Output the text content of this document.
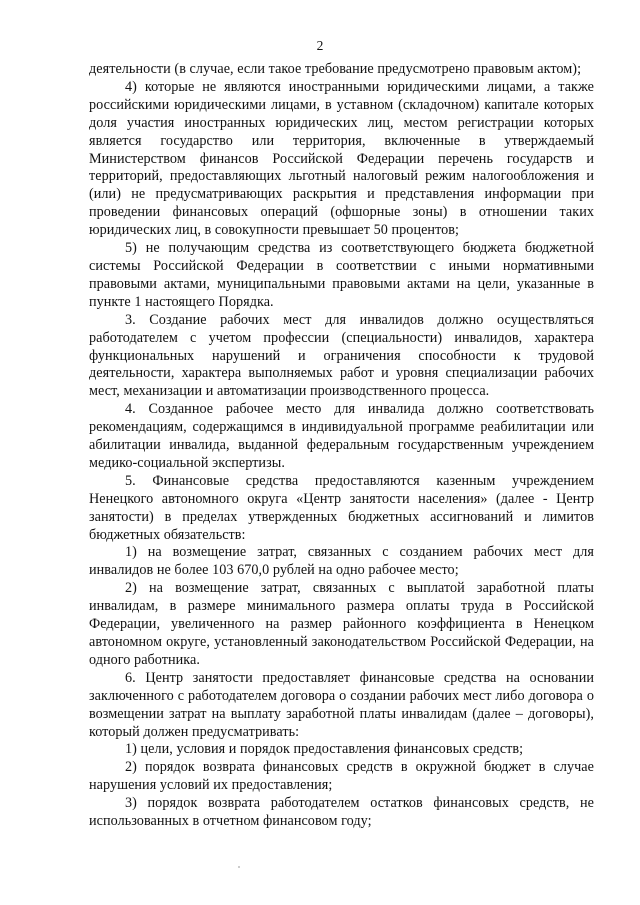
2

деятельности (в случае, если такое требование предусмотрено правовым актом);

4) которые не являются иностранными юридическими лицами, а также российскими юридическими лицами, в уставном (складочном) капитале которых доля участия иностранных юридических лиц, местом регистрации которых является государство или территория, включенные в утверждаемый Министерством финансов Российской Федерации перечень государств и территорий, предоставляющих льготный налоговый режим налогообложения и (или) не предусматривающих раскрытия и представления информации при проведении финансовых операций (офшорные зоны) в отношении таких юридических лиц, в совокупности превышает 50 процентов;

5) не получающим средства из соответствующего бюджета бюджетной системы Российской Федерации в соответствии с иными нормативными правовыми актами, муниципальными правовыми актами на цели, указанные в пункте 1 настоящего Порядка.

3. Создание рабочих мест для инвалидов должно осуществляться работодателем с учетом профессии (специальности) инвалидов, характера функциональных нарушений и ограничения способности к трудовой деятельности, характера выполняемых работ и уровня специализации рабочих мест, механизации и автоматизации производственного процесса.

4. Созданное рабочее место для инвалида должно соответствовать рекомендациям, содержащимся в индивидуальной программе реабилитации или абилитации инвалида, выданной федеральным государственным учреждением медико-социальной экспертизы.

5. Финансовые средства предоставляются казенным учреждением Ненецкого автономного округа «Центр занятости населения» (далее - Центр занятости) в пределах утвержденных бюджетных ассигнований и лимитов бюджетных обязательств:

1) на возмещение затрат, связанных с созданием рабочих мест для инвалидов не более 103 670,0 рублей на одно рабочее место;

2) на возмещение затрат, связанных с выплатой заработной платы инвалидам, в размере минимального размера оплаты труда в Российской Федерации, увеличенного на размер районного коэффициента в Ненецком автономном округе, установленный законодательством Российской Федерации, на одного работника.

6. Центр занятости предоставляет финансовые средства на основании заключенного с работодателем договора о создании рабочих мест либо договора о возмещении затрат на выплату заработной платы инвалидам (далее – договоры), который должен предусматривать:

1) цели, условия и порядок предоставления финансовых средств;

2) порядок возврата финансовых средств в окружной бюджет в случае нарушения условий их предоставления;

3) порядок возврата работодателем остатков финансовых средств, не использованных в отчетном финансовом году;
